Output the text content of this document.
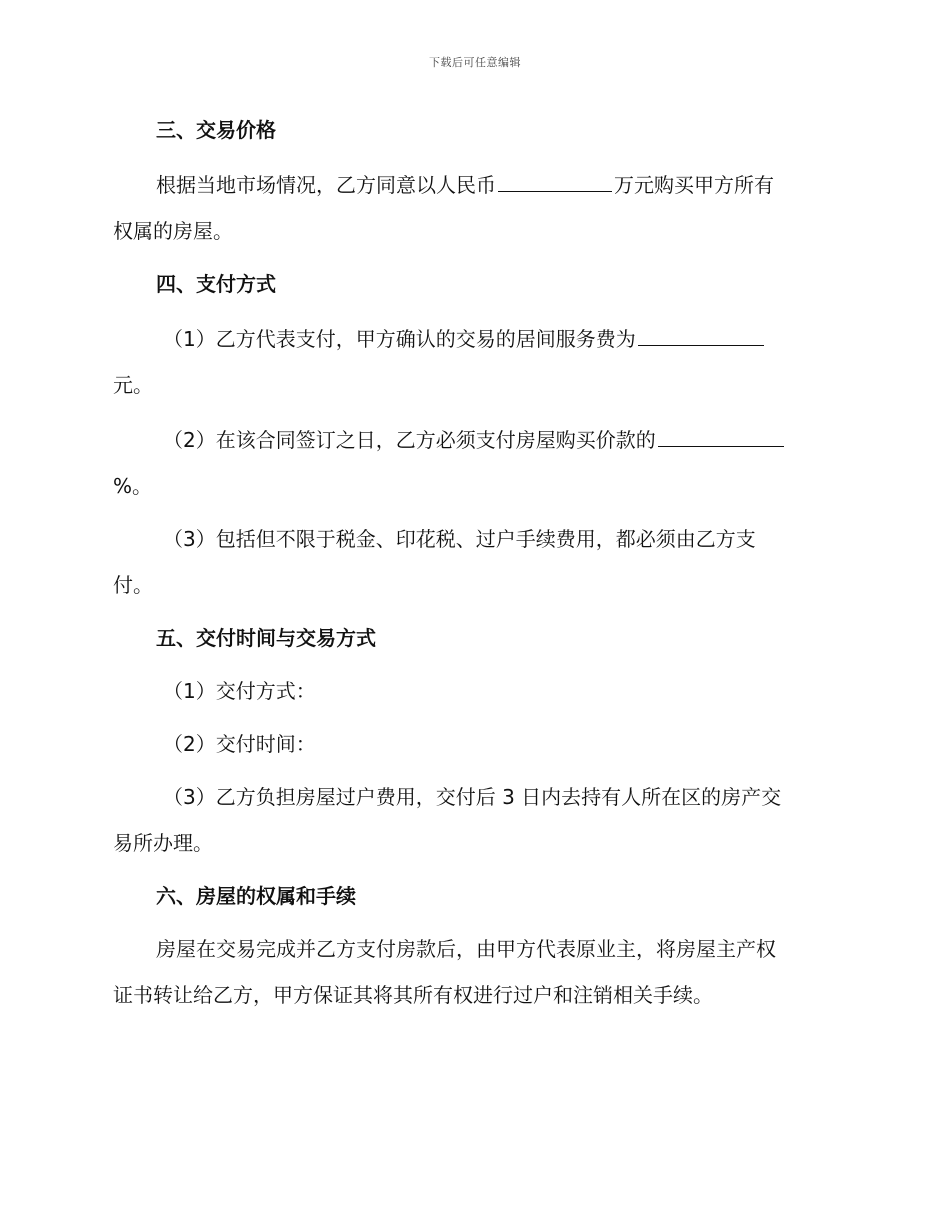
下载后可任意编辑
三、交易价格
根据当地市场情况，乙方同意以人民币	万元购买甲方所有
权属的房屋。
四、支付方式
（1）乙方代表支付，甲方确认的交易的居间服务费为
元。
（2）在该合同签订之日，乙方必须支付房屋购买价款的
%。
（3）包括但不限于税金、印花税、过户手续费用，都必须由乙方支
付。
五、交付时间与交易方式
（1）交付方式：
（2）交付时间：
（3）乙方负担房屋过户费用，交付后 3 日内去持有人所在区的房产交
易所办理。
六、房屋的权属和手续
房屋在交易完成并乙方支付房款后，由甲方代表原业主，将房屋主产权
证书转让给乙方，甲方保证其将其所有权进行过户和注销相关手续。
